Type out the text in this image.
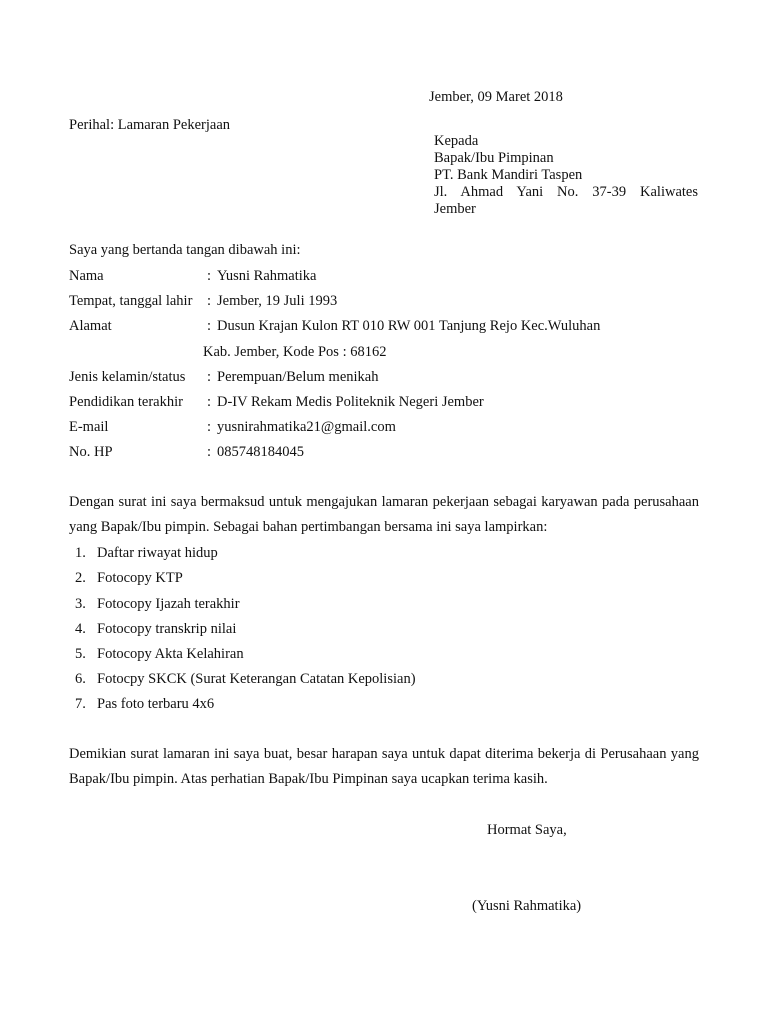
Jember, 09 Maret 2018
Perihal: Lamaran Pekerjaan
Kepada
Bapak/Ibu Pimpinan
PT. Bank Mandiri Taspen
Jl. Ahmad Yani No. 37-39 Kaliwates
Jember
Saya yang bertanda tangan dibawah ini:
Nama	: Yusni Rahmatika
Tempat, tanggal lahir : Jember, 19 Juli 1993
Alamat	: Dusun Krajan Kulon RT 010 RW 001 Tanjung Rejo Kec.Wuluhan
Kab. Jember, Kode Pos : 68162
Jenis kelamin/status : Perempuan/Belum menikah
Pendidikan terakhir : D-IV Rekam Medis Politeknik Negeri Jember
E-mail	: yusnirahmatika21@gmail.com
No. HP	: 085748184045
Dengan surat ini saya bermaksud untuk mengajukan lamaran pekerjaan sebagai karyawan pada perusahaan yang Bapak/Ibu pimpin. Sebagai bahan pertimbangan bersama ini saya lampirkan:
1. Daftar riwayat hidup
2. Fotocopy KTP
3. Fotocopy Ijazah terakhir
4. Fotocopy transkrip nilai
5. Fotocopy Akta Kelahiran
6. Fotocpy SKCK (Surat Keterangan Catatan Kepolisian)
7. Pas foto terbaru 4x6
Demikian surat lamaran ini saya buat, besar harapan saya untuk dapat diterima bekerja di Perusahaan yang Bapak/Ibu pimpin. Atas perhatian Bapak/Ibu Pimpinan saya ucapkan terima kasih.
Hormat Saya,
(Yusni Rahmatika)
